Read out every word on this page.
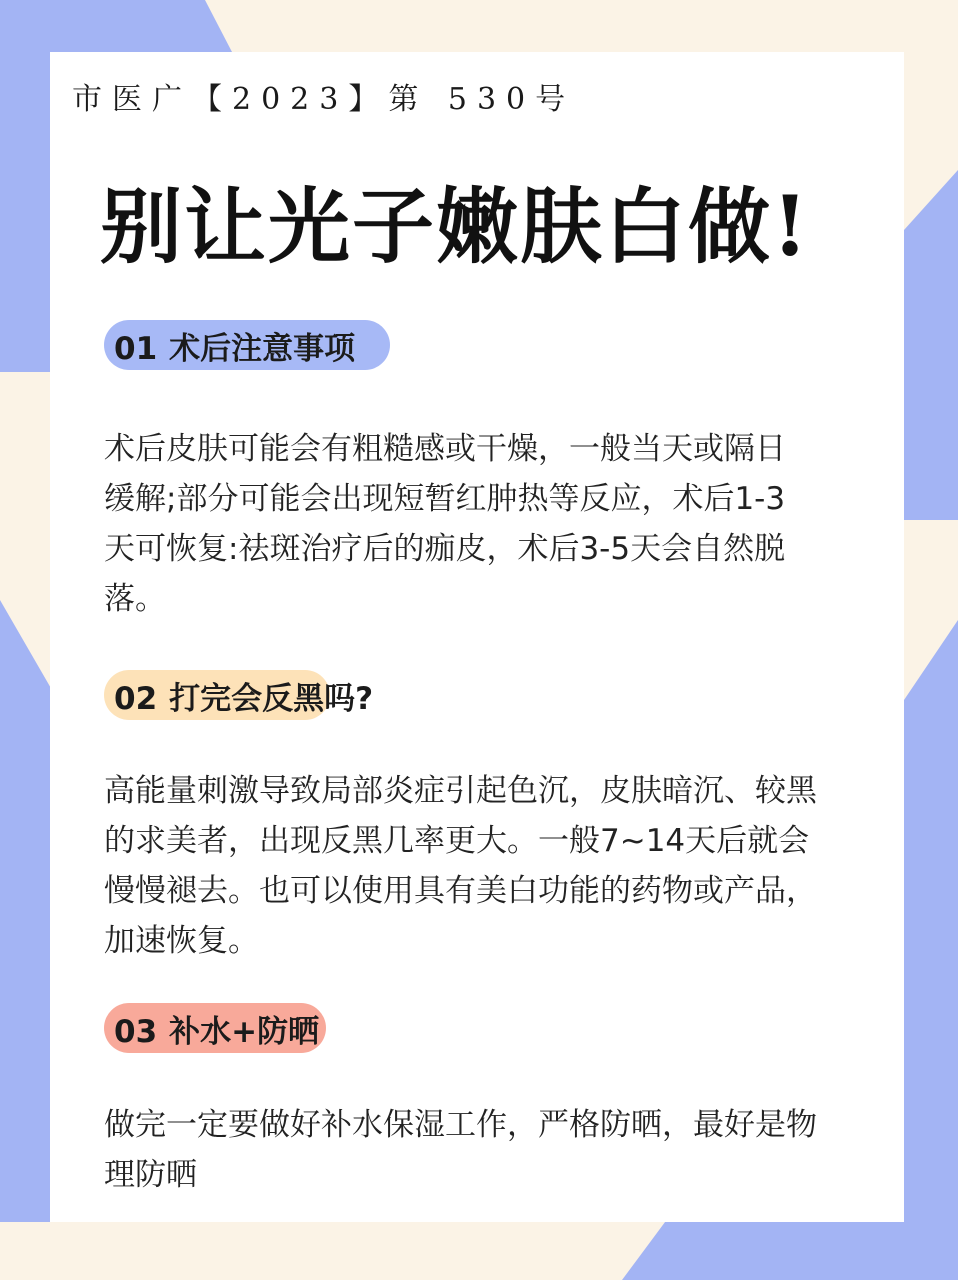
市医广【2023】第 530号
别让光子嫩肤白做!
01 术后注意事项
术后皮肤可能会有粗糙感或干燥，一般当天或隔日
缓解;部分可能会出现短暂红肿热等反应，术后1-3
天可恢复:祛斑治疗后的痂皮，术后3-5天会自然脱
落。
02 打完会反黑吗?
高能量刺激导致局部炎症引起色沉，皮肤暗沉、较黑
的求美者，出现反黑几率更大。一般7~14天后就会
慢慢褪去。也可以使用具有美白功能的药物或产品，
加速恢复。
03 补水+防晒
做完一定要做好补水保湿工作，严格防晒，最好是物
理防晒
